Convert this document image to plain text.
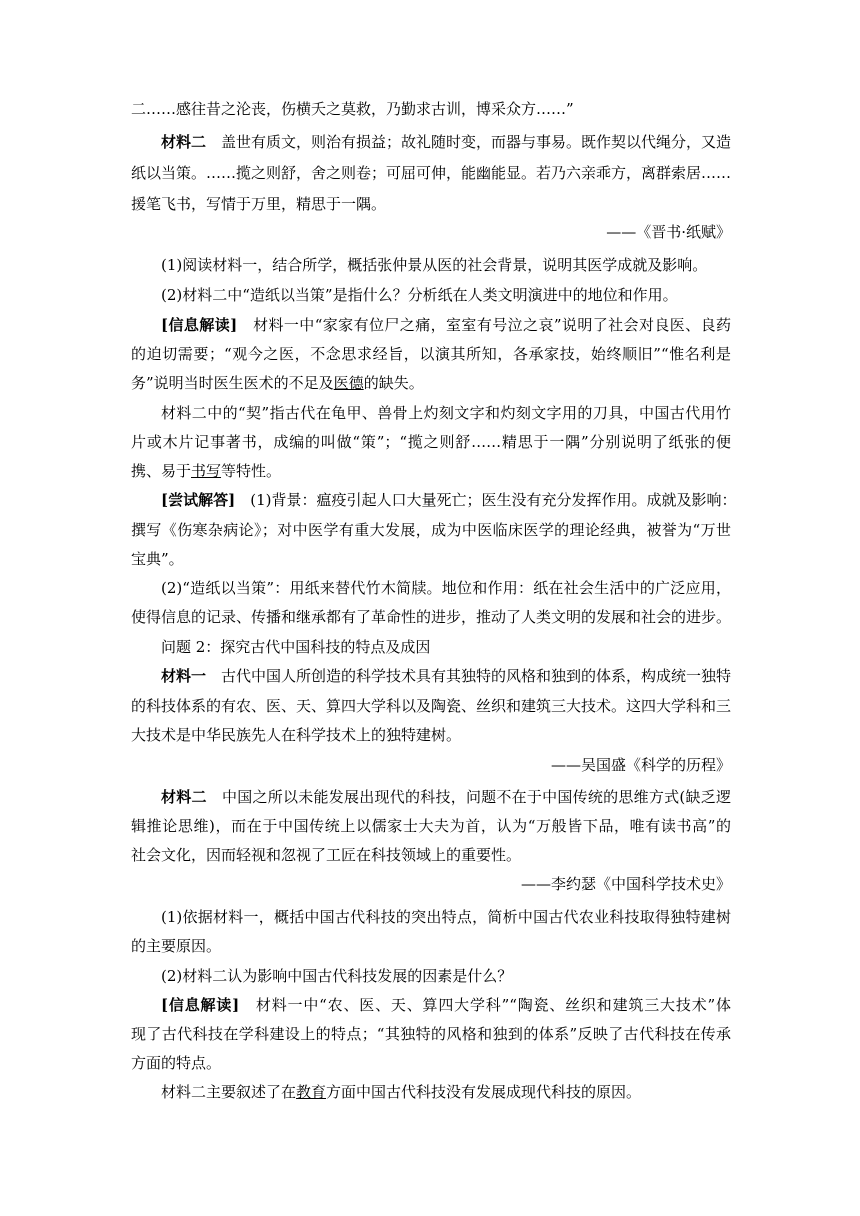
二……感往昔之沦丧，伤横夭之莫救，乃勤求古训，博采众方……”
材料二　 盖世有质文，则治有损益；故礼随时变，而器与事易。既作契以代绳分，又造
纸以当策。……揽之则舒，舍之则卷；可屈可伸，能幽能显。若乃六亲乖方，离群索居……
援笔飞书，写情于万里，精思于一隅。
——《晋书·纸赋》
(1)阅读材料一，结合所学，概括张仲景从医的社会背景，说明其医学成就及影响。
(2)材料二中“造纸以当策”是指什么？分析纸在人类文明演进中的地位和作用。
[信息解读]　 材料一中“家家有位尸之痛，室室有号泣之哀”说明了社会对良医、良药
的迫切需要；“观今之医，不念思求经旨，以演其所知，各承家技，始终顺旧”“惟名利是
务”说明当时医生医术的不足及医德的缺失。
材料二中的“契”指古代在龟甲、兽骨上灼刻文字和灼刻文字用的刀具，中国古代用竹
片或木片记事著书，成编的叫做“策”；“揽之则舒……精思于一隅”分别说明了纸张的便
携、易于书写等特性。
[尝试解答]　 (1)背景：瘟疫引起人口大量死亡；医生没有充分发挥作用。成就及影响：
撰写《伤寒杂病论》；对中医学有重大发展，成为中医临床医学的理论经典，被誉为“万世
宝典”。
(2)“造纸以当策”：用纸来替代竹木简牍。地位和作用：纸在社会生活中的广泛应用，
使得信息的记录、传播和继承都有了革命性的进步，推动了人类文明的发展和社会的进步。
问题 2：探究古代中国科技的特点及成因
材料一　 古代中国人所创造的科学技术具有其独特的风格和独到的体系，构成统一独特
的科技体系的有农、医、天、算四大学科以及陶瓷、丝织和建筑三大技术。这四大学科和三
大技术是中华民族先人在科学技术上的独特建树。
——吴国盛《科学的历程》
材料二　 中国之所以未能发展出现代的科技，问题不在于中国传统的思维方式(缺乏逻
辑推论思维)，而在于中国传统上以儒家士大夫为首，认为“万般皆下品，唯有读书高”的
社会文化，因而轻视和忽视了工匠在科技领域上的重要性。
——李约瑟《中国科学技术史》
(1)依据材料一，概括中国古代科技的突出特点，简析中国古代农业科技取得独特建树
的主要原因。
(2)材料二认为影响中国古代科技发展的因素是什么？
[信息解读]　 材料一中“农、医、天、算四大学科”“陶瓷、丝织和建筑三大技术”体
现了古代科技在学科建设上的特点；“其独特的风格和独到的体系”反映了古代科技在传承
方面的特点。
材料二主要叙述了在教育方面中国古代科技没有发展成现代科技的原因。
